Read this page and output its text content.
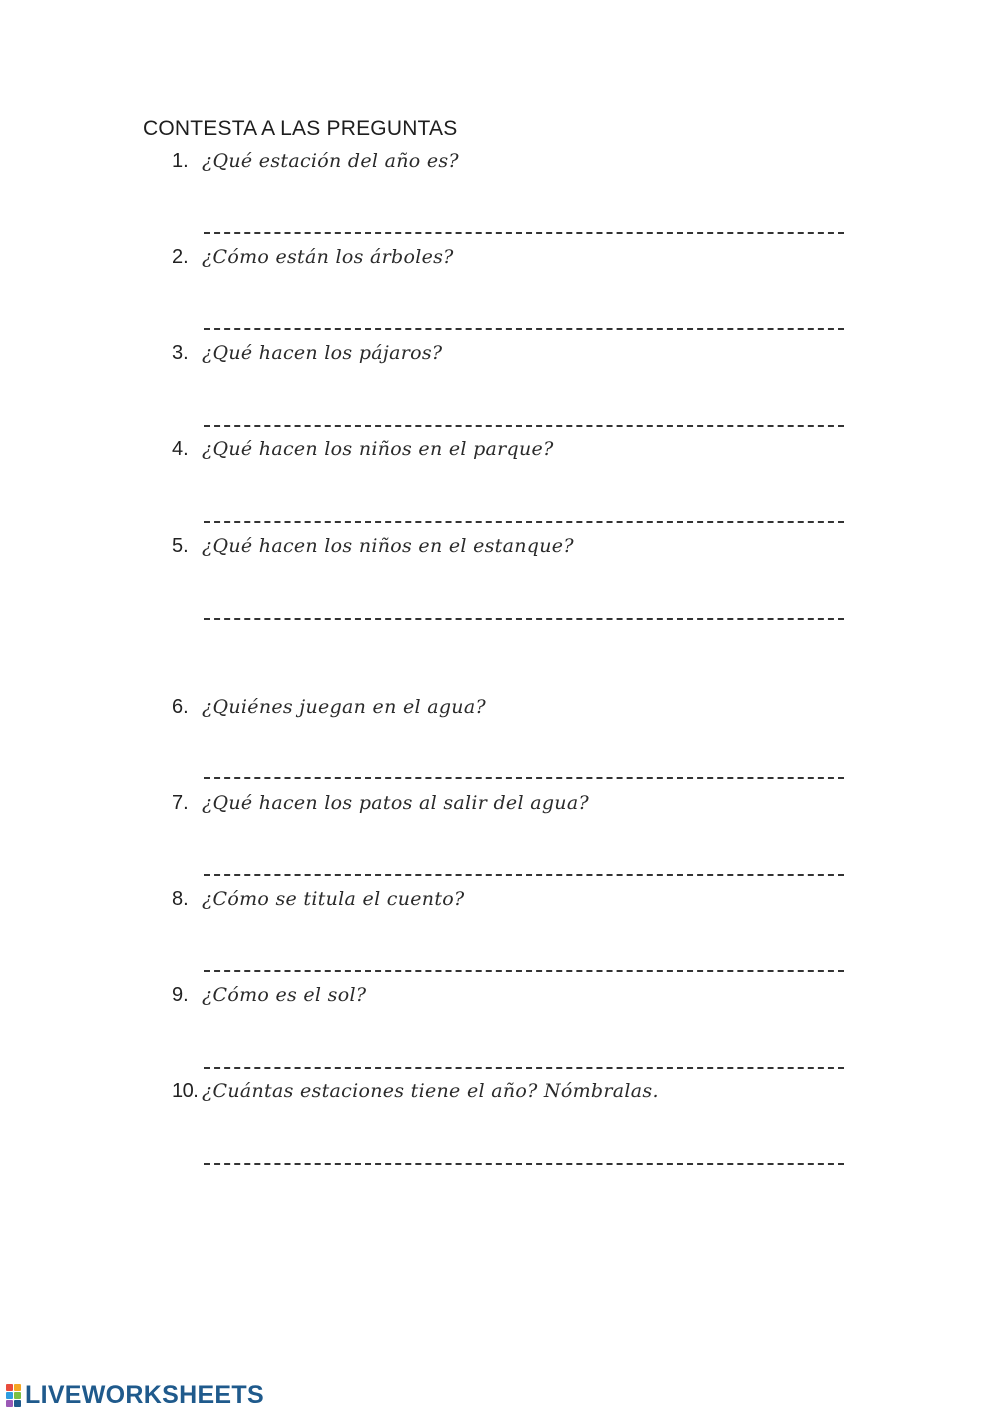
CONTESTA A LAS PREGUNTAS
1. ¿Qué estación del año es?
2. ¿Cómo están los árboles?
3. ¿Qué hacen los pájaros?
4. ¿Qué hacen los niños en el parque?
5. ¿Qué hacen los niños en el estanque?
6. ¿Quiénes juegan en el agua?
7. ¿Qué hacen los patos al salir del agua?
8. ¿Cómo se titula el cuento?
9. ¿Cómo es el sol?
10. ¿Cuántas estaciones tiene el año? Nómbralas.
LIVEWORKSHEETS
